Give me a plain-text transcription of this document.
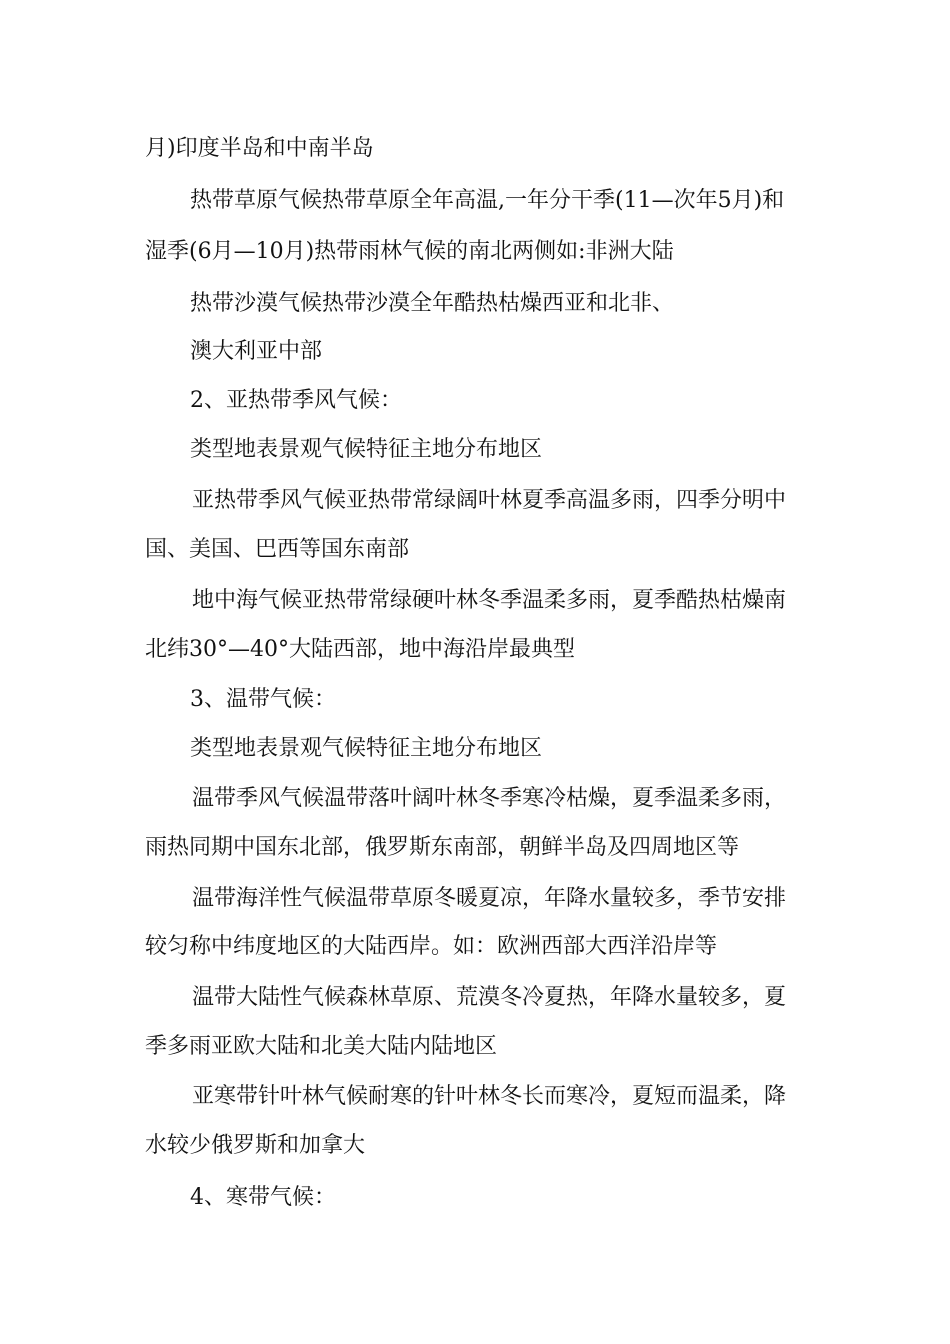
月)印度半岛和中南半岛
热带草原气候热带草原全年高温,一年分干季(11—次年5月)和
湿季(6月—10月)热带雨林气候的南北两侧如:非洲大陆
热带沙漠气候热带沙漠全年酷热枯燥西亚和北非、
澳大利亚中部
2、亚热带季风气候：
类型地表景观气候特征主地分布地区
亚热带季风气候亚热带常绿阔叶林夏季高温多雨，四季分明中
国、美国、巴西等国东南部
地中海气候亚热带常绿硬叶林冬季温柔多雨，夏季酷热枯燥南
北纬30°—40°大陆西部，地中海沿岸最典型
3、温带气候：
类型地表景观气候特征主地分布地区
温带季风气候温带落叶阔叶林冬季寒冷枯燥，夏季温柔多雨，
雨热同期中国东北部，俄罗斯东南部，朝鲜半岛及四周地区等
温带海洋性气候温带草原冬暖夏凉，年降水量较多，季节安排
较匀称中纬度地区的大陆西岸。如：欧洲西部大西洋沿岸等
温带大陆性气候森林草原、荒漠冬冷夏热，年降水量较多，夏
季多雨亚欧大陆和北美大陆内陆地区
亚寒带针叶林气候耐寒的针叶林冬长而寒冷，夏短而温柔，降
水较少俄罗斯和加拿大
4、寒带气候：
